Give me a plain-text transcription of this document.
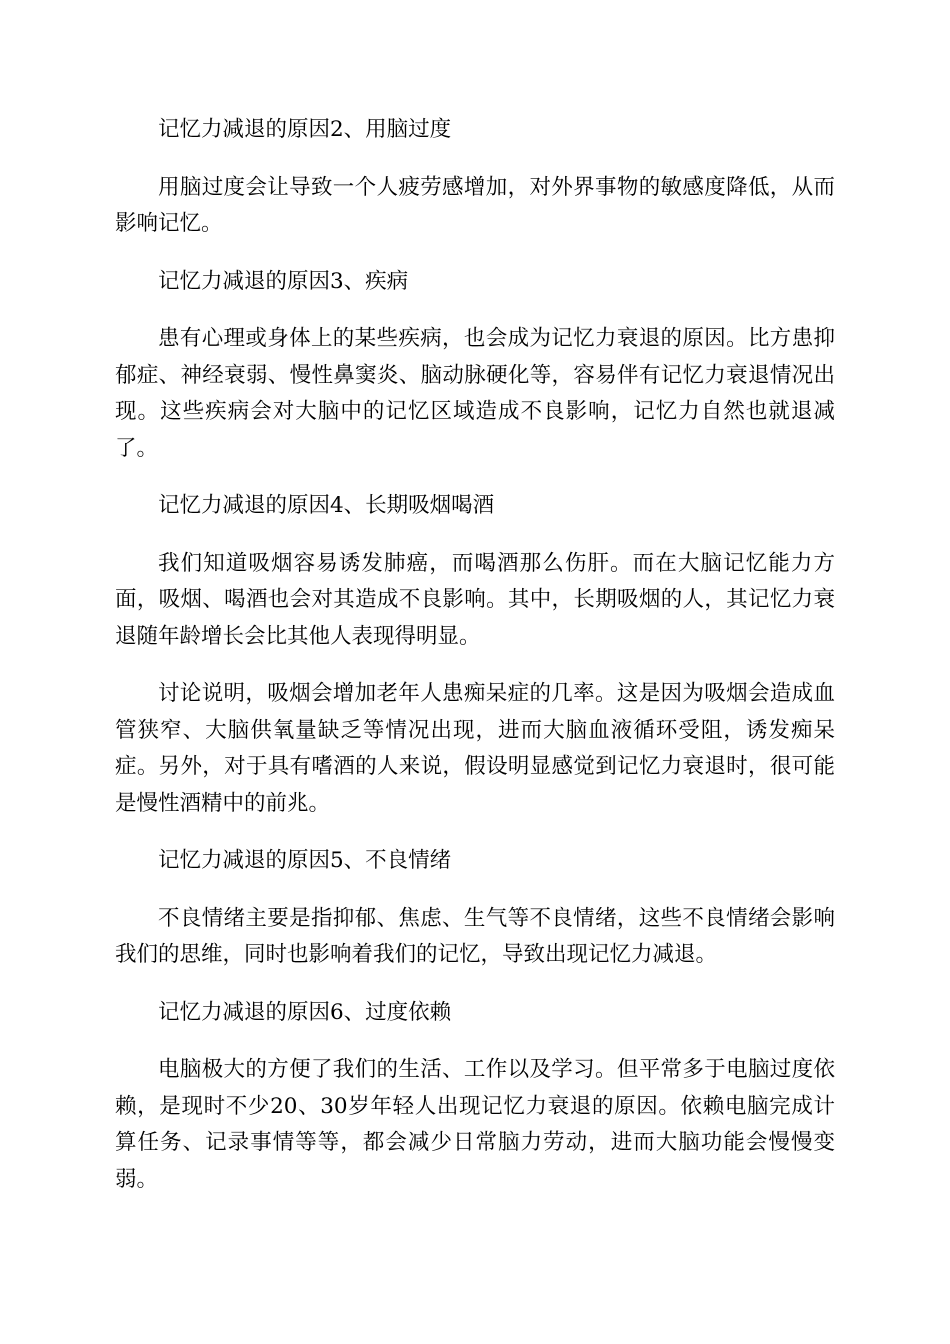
记忆力减退的原因2、用脑过度

用脑过度会让导致一个人疲劳感增加，对外界事物的敏感度降低，从而影响记忆。

记忆力减退的原因3、疾病

患有心理或身体上的某些疾病，也会成为记忆力衰退的原因。比方患抑郁症、神经衰弱、慢性鼻窦炎、脑动脉硬化等，容易伴有记忆力衰退情况出现。这些疾病会对大脑中的记忆区域造成不良影响，记忆力自然也就退减了。

记忆力减退的原因4、长期吸烟喝酒

我们知道吸烟容易诱发肺癌，而喝酒那么伤肝。而在大脑记忆能力方面，吸烟、喝酒也会对其造成不良影响。其中，长期吸烟的人，其记忆力衰退随年龄增长会比其他人表现得明显。

讨论说明，吸烟会增加老年人患痴呆症的几率。这是因为吸烟会造成血管狭窄、大脑供氧量缺乏等情况出现，进而大脑血液循环受阻，诱发痴呆症。另外，对于具有嗜酒的人来说，假设明显感觉到记忆力衰退时，很可能是慢性酒精中的前兆。

记忆力减退的原因5、不良情绪

不良情绪主要是指抑郁、焦虑、生气等不良情绪，这些不良情绪会影响我们的思维，同时也影响着我们的记忆，导致出现记忆力减退。

记忆力减退的原因6、过度依赖

电脑极大的方便了我们的生活、工作以及学习。但平常多于电脑过度依赖，是现时不少20、30岁年轻人出现记忆力衰退的原因。依赖电脑完成计算任务、记录事情等等，都会减少日常脑力劳动，进而大脑功能会慢慢变弱。
